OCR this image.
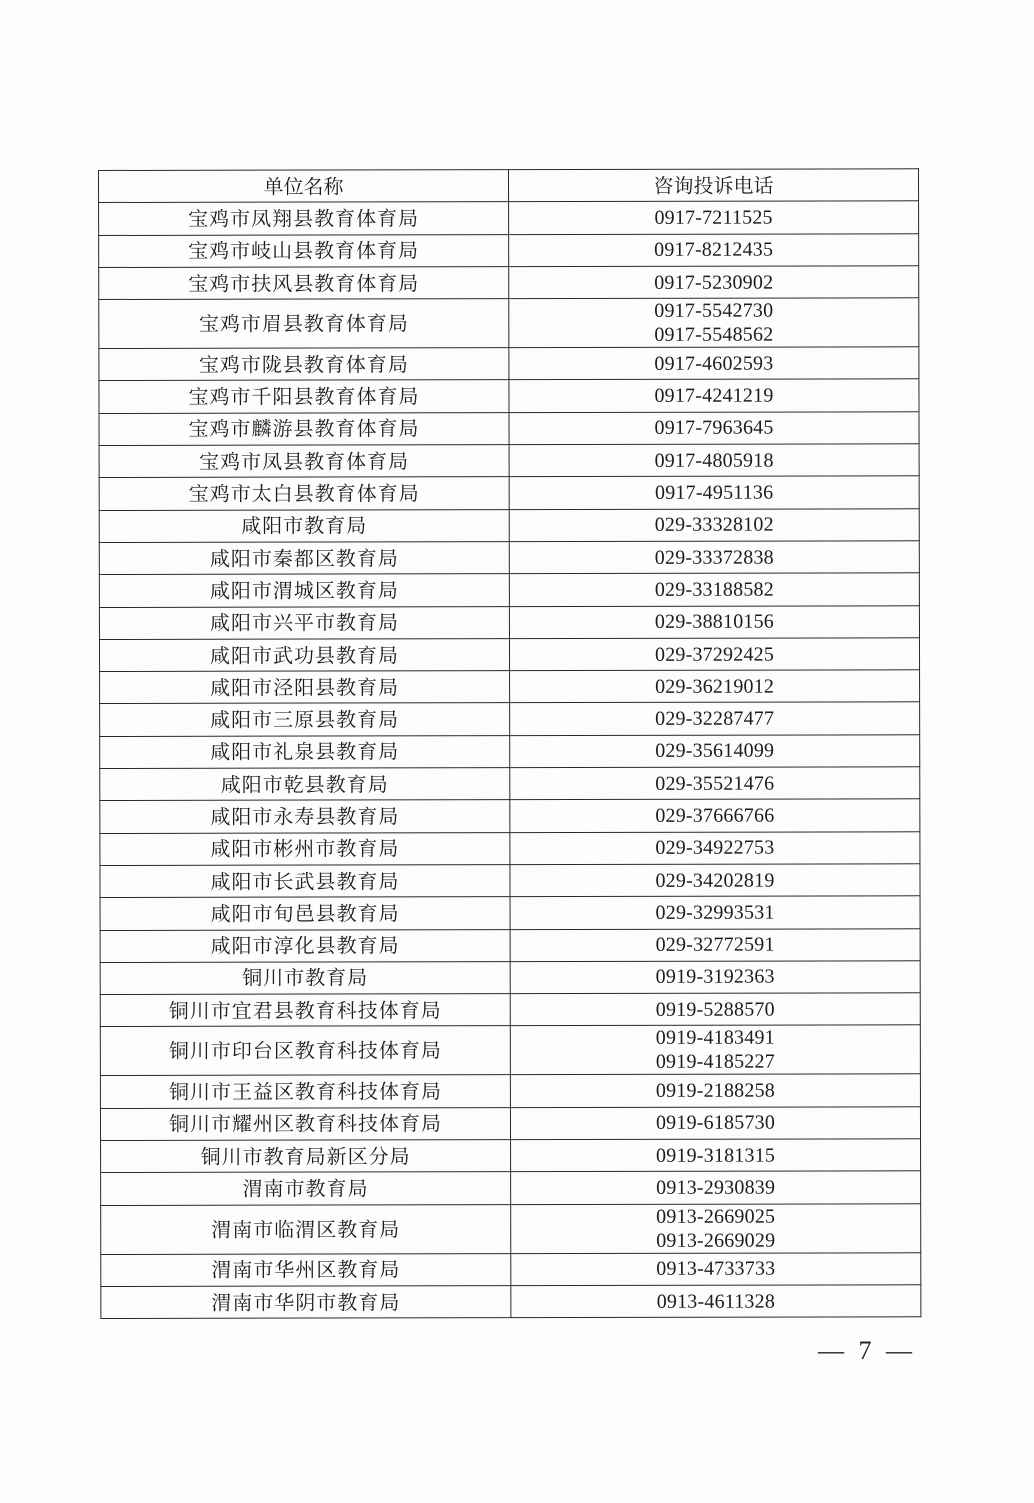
单位名称	咨询投诉电话
宝鸡市凤翔县教育体育局	0917-7211525

宝鸡市岐山县教育体育局	0917-8212435

宝鸡市扶风县教育体育局	0917-5230902

宝鸡市眉县教育体育局	0917-5542730
0917-5548562

宝鸡市陇县教育体育局	0917-4602593

宝鸡市千阳县教育体育局	0917-4241219

宝鸡市麟游县教育体育局	0917-7963645

宝鸡市凤县教育体育局	0917-4805918

宝鸡市太白县教育体育局	0917-4951136

咸阳市教育局	029-33328102

咸阳市秦都区教育局	029-33372838

咸阳市渭城区教育局	029-33188582

咸阳市兴平市教育局	029-38810156

咸阳市武功县教育局	029-37292425

咸阳市泾阳县教育局	029-36219012

咸阳市三原县教育局	029-32287477

咸阳市礼泉县教育局	029-35614099

咸阳市乾县教育局	029-35521476

咸阳市永寿县教育局	029-37666766

咸阳市彬州市教育局	029-34922753

咸阳市长武县教育局	029-34202819

咸阳市旬邑县教育局	029-32993531

咸阳市淳化县教育局	029-32772591

铜川市教育局	0919-3192363

铜川市宜君县教育科技体育局	0919-5288570

铜川市印台区教育科技体育局	0919-4183491
0919-4185227

铜川市王益区教育科技体育局	0919-2188258

铜川市耀州区教育科技体育局	0919-6185730

铜川市教育局新区分局	0919-3181315

渭南市教育局	0913-2930839

渭南市临渭区教育局	0913-2669025
0913-2669029

渭南市华州区教育局	0913-4733733

渭南市华阴市教育局	0913-4611328
— 7 —
